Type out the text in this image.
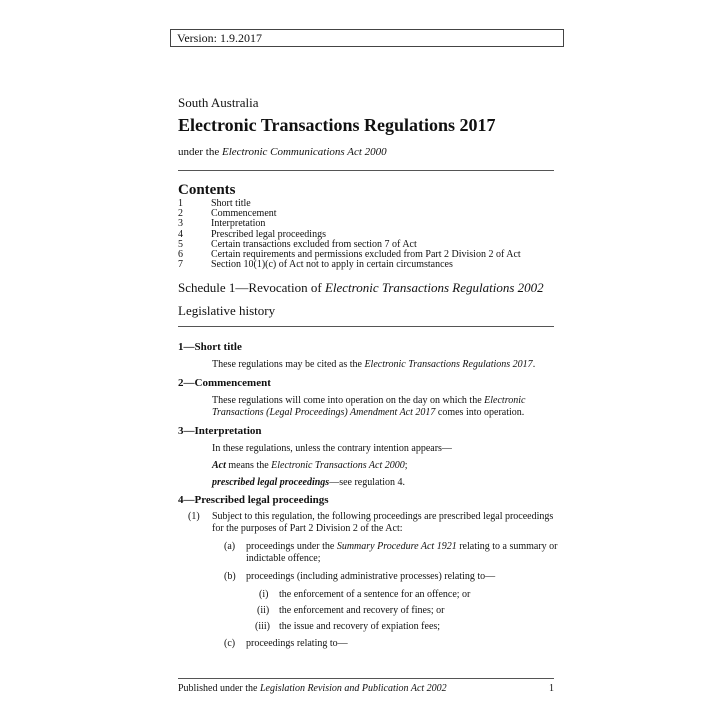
Version: 1.9.2017
South Australia
Electronic Transactions Regulations 2017
under the Electronic Communications Act 2000
Contents
1	Short title
2	Commencement
3	Interpretation
4	Prescribed legal proceedings
5	Certain transactions excluded from section 7 of Act
6	Certain requirements and permissions excluded from Part 2 Division 2 of Act
7	Section 10(1)(c) of Act not to apply in certain circumstances
Schedule 1—Revocation of Electronic Transactions Regulations 2002
Legislative history
1—Short title
These regulations may be cited as the Electronic Transactions Regulations 2017.
2—Commencement
These regulations will come into operation on the day on which the Electronic
Transactions (Legal Proceedings) Amendment Act 2017 comes into operation.
3—Interpretation
In these regulations, unless the contrary intention appears—
Act means the Electronic Transactions Act 2000;
prescribed legal proceedings—see regulation 4.
4—Prescribed legal proceedings
(1) Subject to this regulation, the following proceedings are prescribed legal proceedings
for the purposes of Part 2 Division 2 of the Act:
(a) proceedings under the Summary Procedure Act 1921 relating to a summary or
indictable offence;
(b) proceedings (including administrative processes) relating to—
(i) the enforcement of a sentence for an offence; or
(ii) the enforcement and recovery of fines; or
(iii) the issue and recovery of expiation fees;
(c) proceedings relating to—
Published under the Legislation Revision and Publication Act 2002	1
